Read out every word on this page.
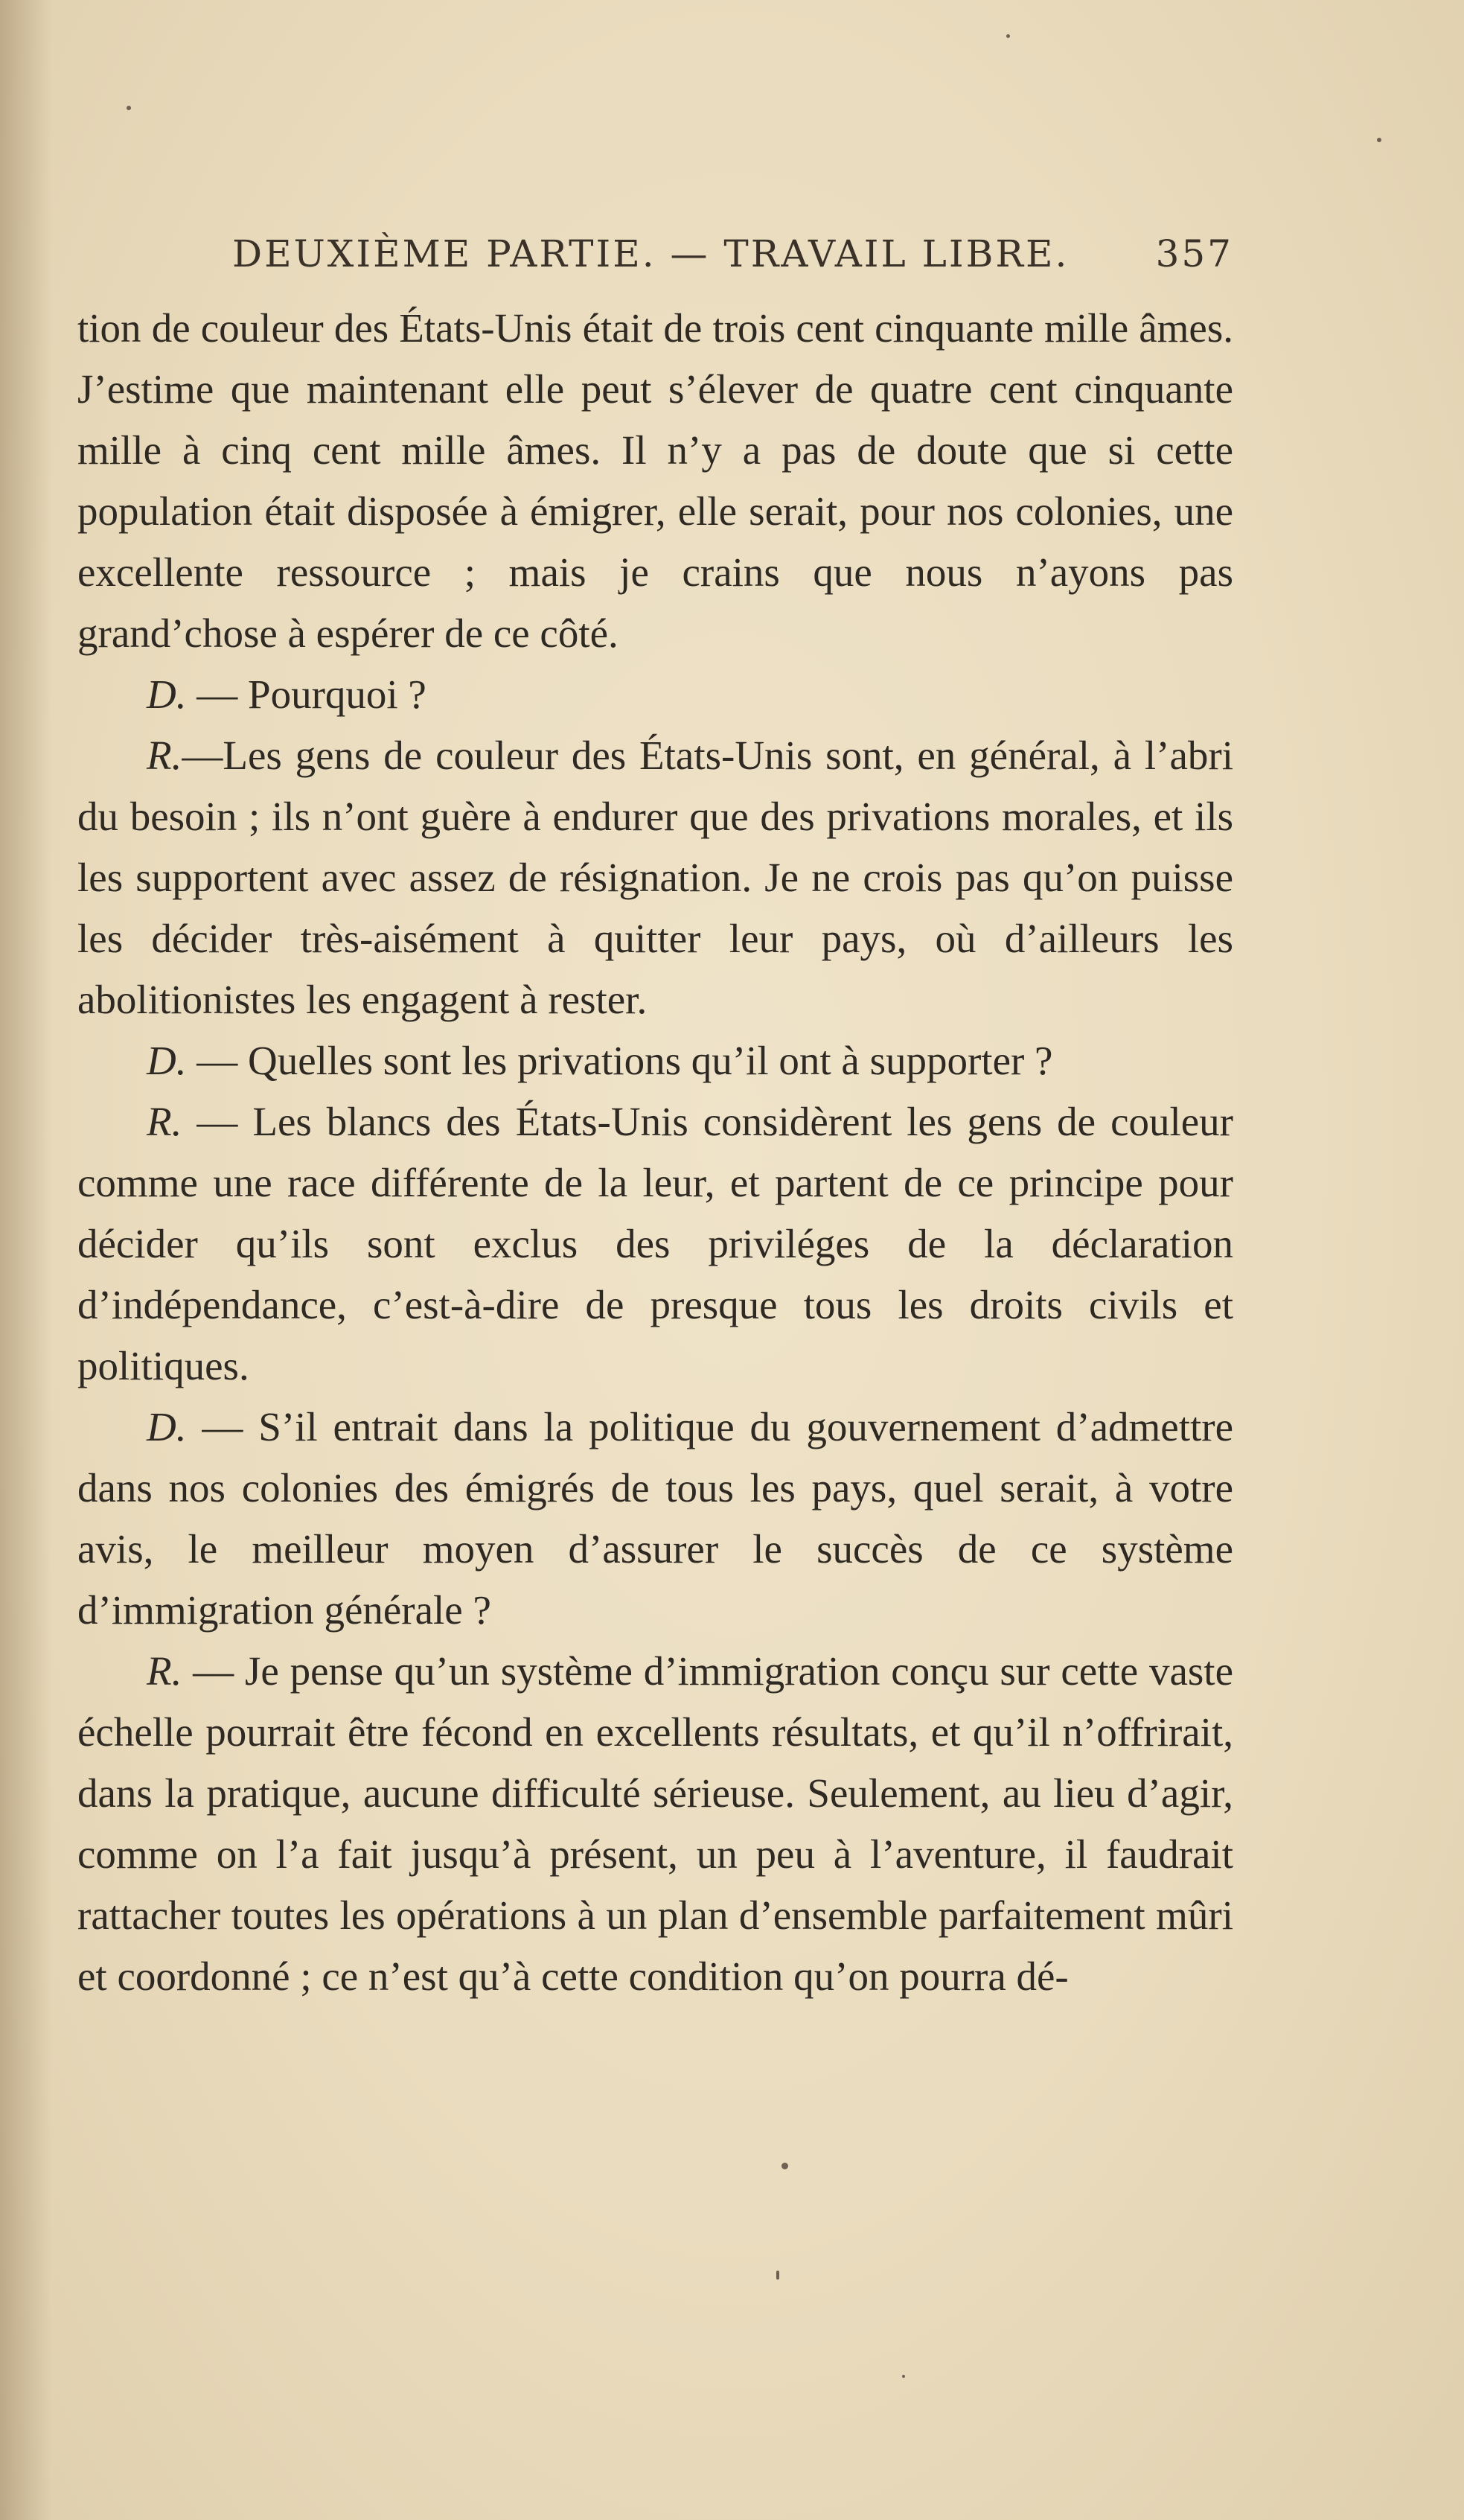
DEUXIÈME PARTIE. — TRAVAIL LIBRE. 357

tion de couleur des États-Unis était de trois cent cinquante mille âmes. J’estime que maintenant elle peut s’élever de quatre cent cinquante mille à cinq cent mille âmes. Il n’y a pas de doute que si cette population était disposée à émigrer, elle serait, pour nos colonies, une excellente ressource ; mais je crains que nous n’ayons pas grand’chose à espérer de ce côté.

D. — Pourquoi ?

R.—Les gens de couleur des États-Unis sont, en général, à l’abri du besoin ; ils n’ont guère à endurer que des privations morales, et ils les supportent avec assez de résignation. Je ne crois pas qu’on puisse les décider très-aisément à quitter leur pays, où d’ailleurs les abolitionistes les engagent à rester.

D. — Quelles sont les privations qu’il ont à supporter ?

R. — Les blancs des États-Unis considèrent les gens de couleur comme une race différente de la leur, et partent de ce principe pour décider qu’ils sont exclus des priviléges de la déclaration d’indépendance, c’est-à-dire de presque tous les droits civils et politiques.

D. — S’il entrait dans la politique du gouvernement d’admettre dans nos colonies des émigrés de tous les pays, quel serait, à votre avis, le meilleur moyen d’assurer le succès de ce système d’immigration générale ?

R. — Je pense qu’un système d’immigration conçu sur cette vaste échelle pourrait être fécond en excellents résultats, et qu’il n’offrirait, dans la pratique, aucune difficulté sérieuse. Seulement, au lieu d’agir, comme on l’a fait jusqu’à présent, un peu à l’aventure, il faudrait rattacher toutes les opérations à un plan d’ensemble parfaitement mûri et coordonné ; ce n’est qu’à cette condition qu’on pourra dé-
